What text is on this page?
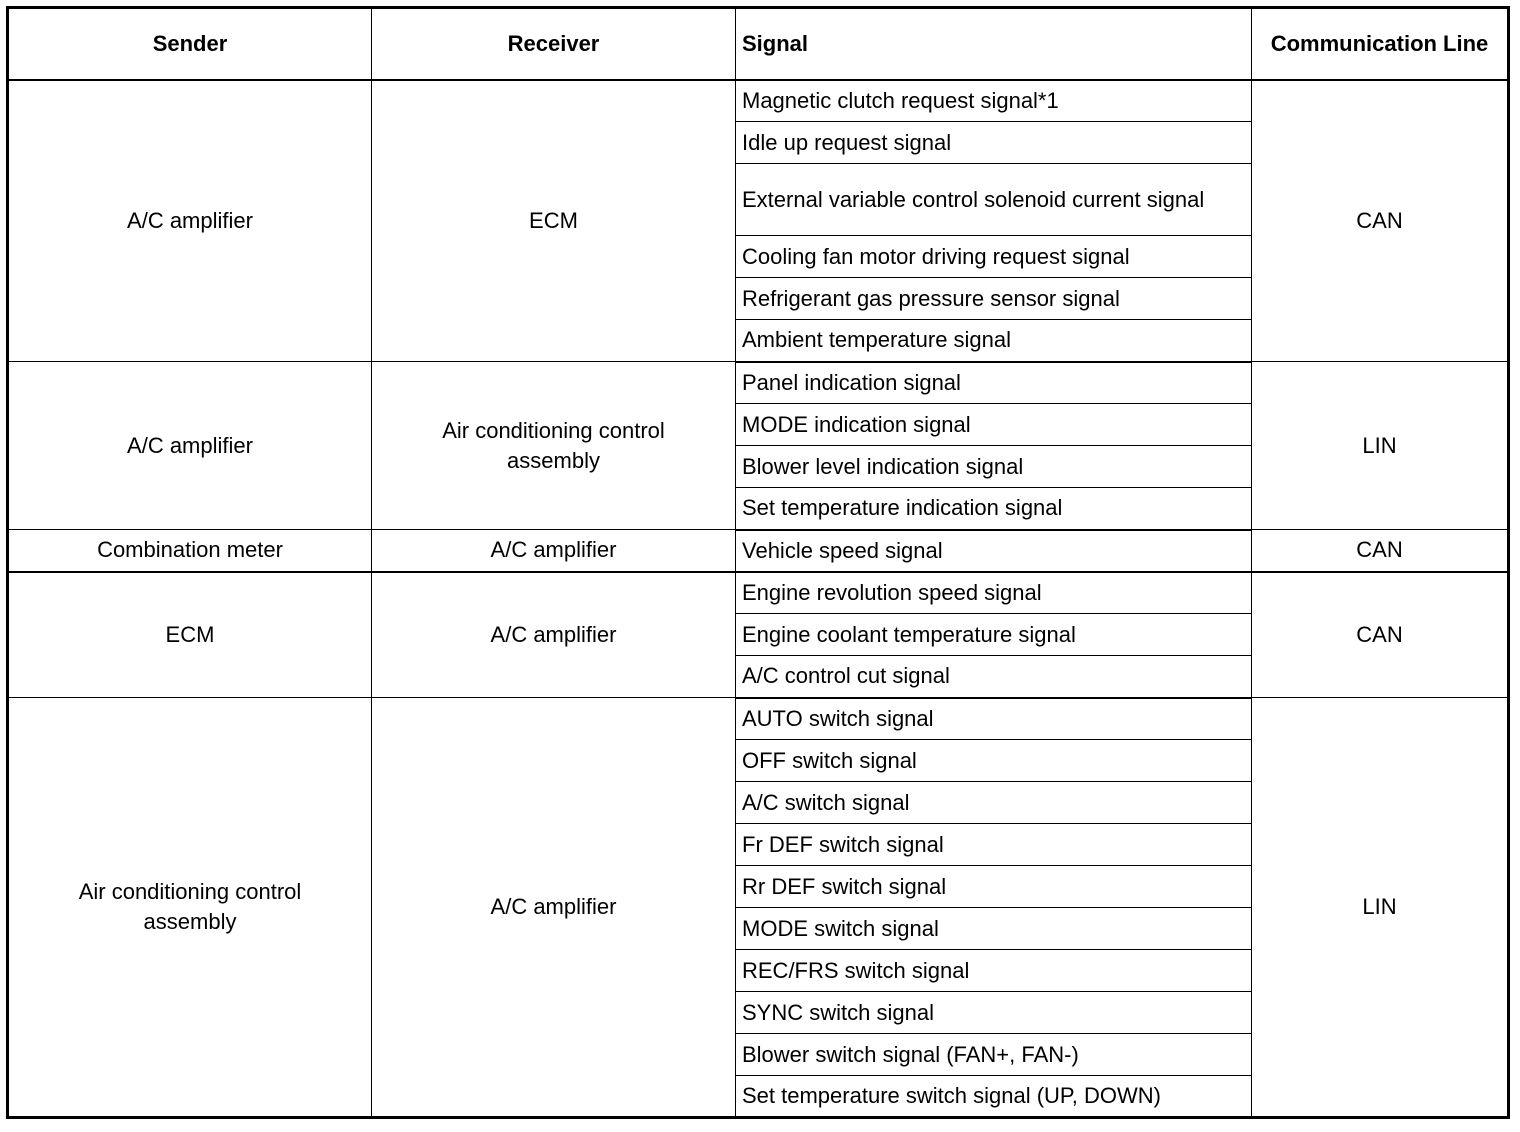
Sender	Receiver	Signal	Communication Line
A/C amplifier	ECM	Magnetic clutch request signal*1	CAN
		Idle up request signal	
		External variable control solenoid current signal	
		Cooling fan motor driving request signal	
		Refrigerant gas pressure sensor signal	
		Ambient temperature signal	
A/C amplifier	Air conditioning control assembly	Panel indication signal	LIN
		MODE indication signal	
		Blower level indication signal	
		Set temperature indication signal	
Combination meter	A/C amplifier	Vehicle speed signal	CAN
ECM	A/C amplifier	Engine revolution speed signal	CAN
		Engine coolant temperature signal	
		A/C control cut signal	
Air conditioning control assembly	A/C amplifier	AUTO switch signal	LIN
		OFF switch signal	
		A/C switch signal	
		Fr DEF switch signal	
		Rr DEF switch signal	
		MODE switch signal	
		REC/FRS switch signal	
		SYNC switch signal	
		Blower switch signal (FAN+, FAN-)	
		Set temperature switch signal (UP, DOWN)	
